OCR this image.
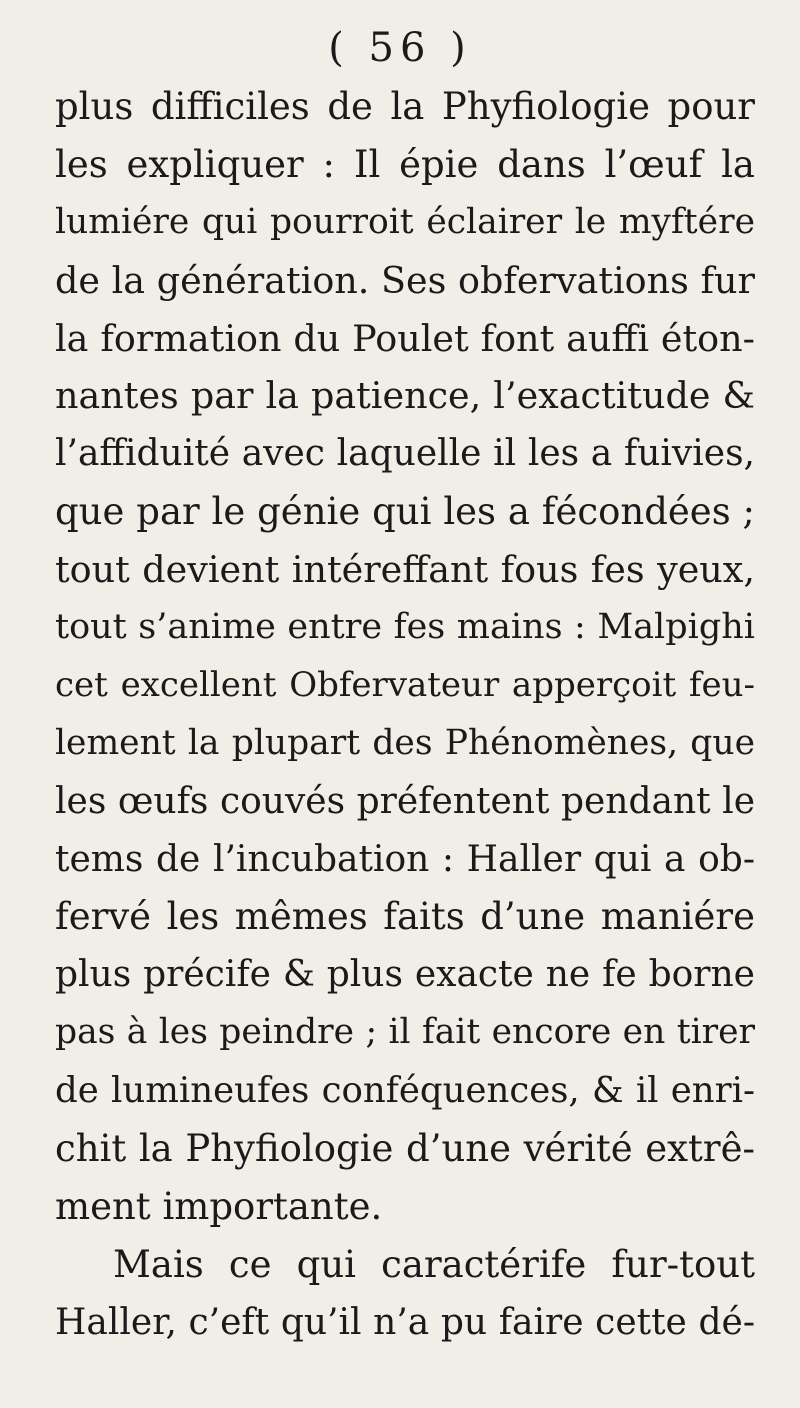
( 56 )
plus difficiles de la Phyfiologie pour
les expliquer : Il épie dans l’œuf la
lumiére qui pourroit éclairer le myftére
de la génération. Ses obfervations fur
la formation du Poulet font auffi éton-
nantes par la patience, l’exactitude &
l’affiduité avec laquelle il les a fuivies,
que par le génie qui les a fécondées ;
tout devient intéreffant fous fes yeux,
tout s’anime entre fes mains : Malpighi
cet excellent Obfervateur apperçoit feu-
lement la plupart des Phénomènes, que
les œufs couvés préfentent pendant le
tems de l’incubation : Haller qui a ob-
fervé les mêmes faits d’une maniére
plus précife & plus exacte ne fe borne
pas à les peindre ; il fait encore en tirer
de lumineufes conféquences, & il enri-
chit la Phyfiologie d’une vérité extrê-
ment importante.
Mais ce qui caractérife fur-tout
Haller, c’eft qu’il n’a pu faire cette dé-
